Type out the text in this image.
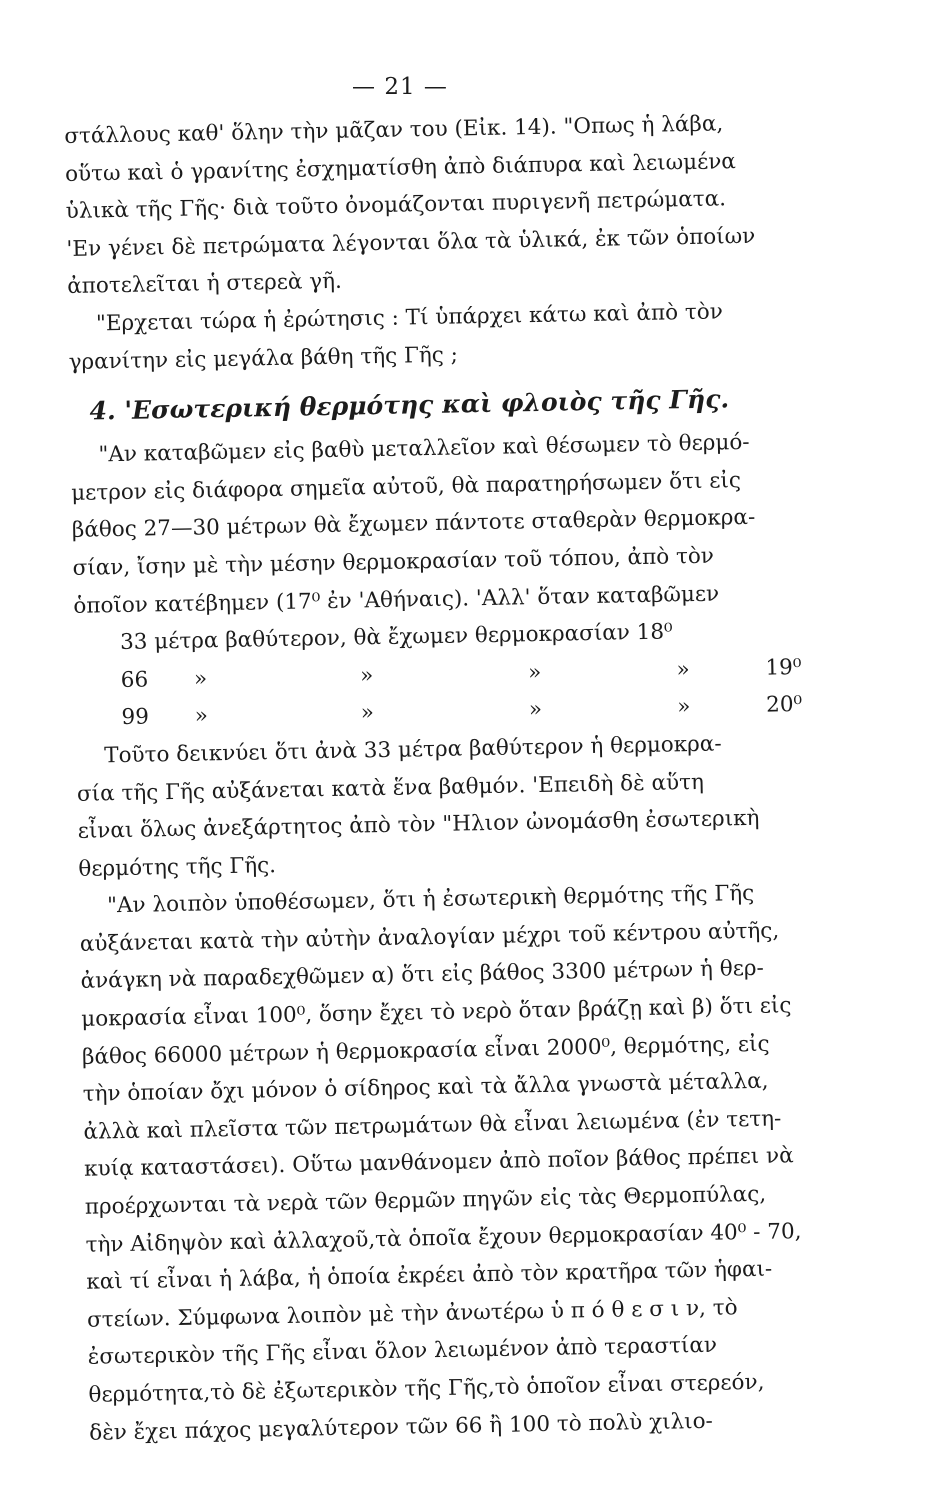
— 21 —
στάλλους καθ' ὅλην τὴν μᾶζαν του (Εἰκ. 14). "Οπως ἡ λάβα,
οὕτω καὶ ὁ γρανίτης ἐσχηματίσθη ἀπὸ διάπυρα καὶ λειωμένα
ὑλικὰ τῆς Γῆς· διὰ τοῦτο ὀνομάζονται πυριγενῆ πετρώματα.
'Εν γένει δὲ πετρώματα λέγονται ὅλα τὰ ὑλικά, ἐκ τῶν ὁποίων
ἀποτελεῖται ἡ στερεὰ γῆ.
"Ερχεται τώρα ἡ ἐρώτησις : Τί ὑπάρχει κάτω καὶ ἀπὸ τὸν
γρανίτην εἰς μεγάλα βάθη τῆς Γῆς ;
4. 'Εσωτερική θερμότης καὶ φλοιὸς τῆς Γῆς.
"Αν καταβῶμεν εἰς βαθὺ μεταλλεῖον καὶ θέσωμεν τὸ θερμό-
μετρον εἰς διάφορα σημεῖα αὐτοῦ, θὰ παρατηρήσωμεν ὅτι εἰς
βάθος 27—30 μέτρων θὰ ἔχωμεν πάντοτε σταθερὰν θερμοκρα-
σίαν, ἴσην μὲ τὴν μέσην θερμοκρασίαν τοῦ τόπου, ἀπὸ τὸν
ὁποῖον κατέβημεν (17⁰ ἐν 'Αθήναις). 'Αλλ' ὅταν καταβῶμεν
33 μέτρα βαθύτερον, θὰ ἔχωμεν θερμοκρασίαν 18⁰
66	»	»	»	»	19⁰
99	»	»	»	»	20⁰
Τοῦτο δεικνύει ὅτι ἀνὰ 33 μέτρα βαθύτερον ἡ θερμοκρα-
σία τῆς Γῆς αὐξάνεται κατὰ ἕνα βαθμόν. 'Επειδὴ δὲ αὕτη
εἶναι ὅλως ἀνεξάρτητος ἀπὸ τὸν "Ηλιον ὠνομάσθη ἐσωτερικὴ
θερμότης τῆς Γῆς.
"Αν λοιπὸν ὑποθέσωμεν, ὅτι ἡ ἐσωτερικὴ θερμότης τῆς Γῆς
αὐξάνεται κατὰ τὴν αὐτὴν ἀναλογίαν μέχρι τοῦ κέντρου αὐτῆς,
ἀνάγκη νὰ παραδεχθῶμεν α) ὅτι εἰς βάθος 3300 μέτρων ἡ θερ-
μοκρασία εἶναι 100⁰, ὅσην ἔχει τὸ νερὸ ὅταν βράζῃ καὶ β) ὅτι εἰς
βάθος 66000 μέτρων ἡ θερμοκρασία εἶναι 2000⁰, θερμότης, εἰς
τὴν ὁποίαν ὄχι μόνον ὁ σίδηρος καὶ τὰ ἄλλα γνωστὰ μέταλλα,
ἀλλὰ καὶ πλεῖστα τῶν πετρωμάτων θὰ εἶναι λειωμένα (ἐν τετη-
κυίᾳ καταστάσει). Οὕτω μανθάνομεν ἀπὸ ποῖον βάθος πρέπει νὰ
προέρχωνται τὰ νερὰ τῶν θερμῶν πηγῶν εἰς τὰς Θερμοπύλας,
τὴν Αἰδηψὸν καὶ ἀλλαχοῦ,τὰ ὁποῖα ἔχουν θερμοκρασίαν 40⁰ - 70,
καὶ τί εἶναι ἡ λάβα, ἡ ὁποία ἐκρέει ἀπὸ τὸν κρατῆρα τῶν ἡφαι-
στείων. Σύμφωνα λοιπὸν μὲ τὴν ἀνωτέρω ὑ π ό θ ε σ ι ν, τὸ
ἐσωτερικὸν τῆς Γῆς εἶναι ὅλον λειωμένον ἀπὸ τεραστίαν
θερμότητα,τὸ δὲ ἐξωτερικὸν τῆς Γῆς,τὸ ὁποῖον εἶναι στερεόν,
δὲν ἔχει πάχος μεγαλύτερον τῶν 66 ἢ 100 τὸ πολὺ χιλιο-
